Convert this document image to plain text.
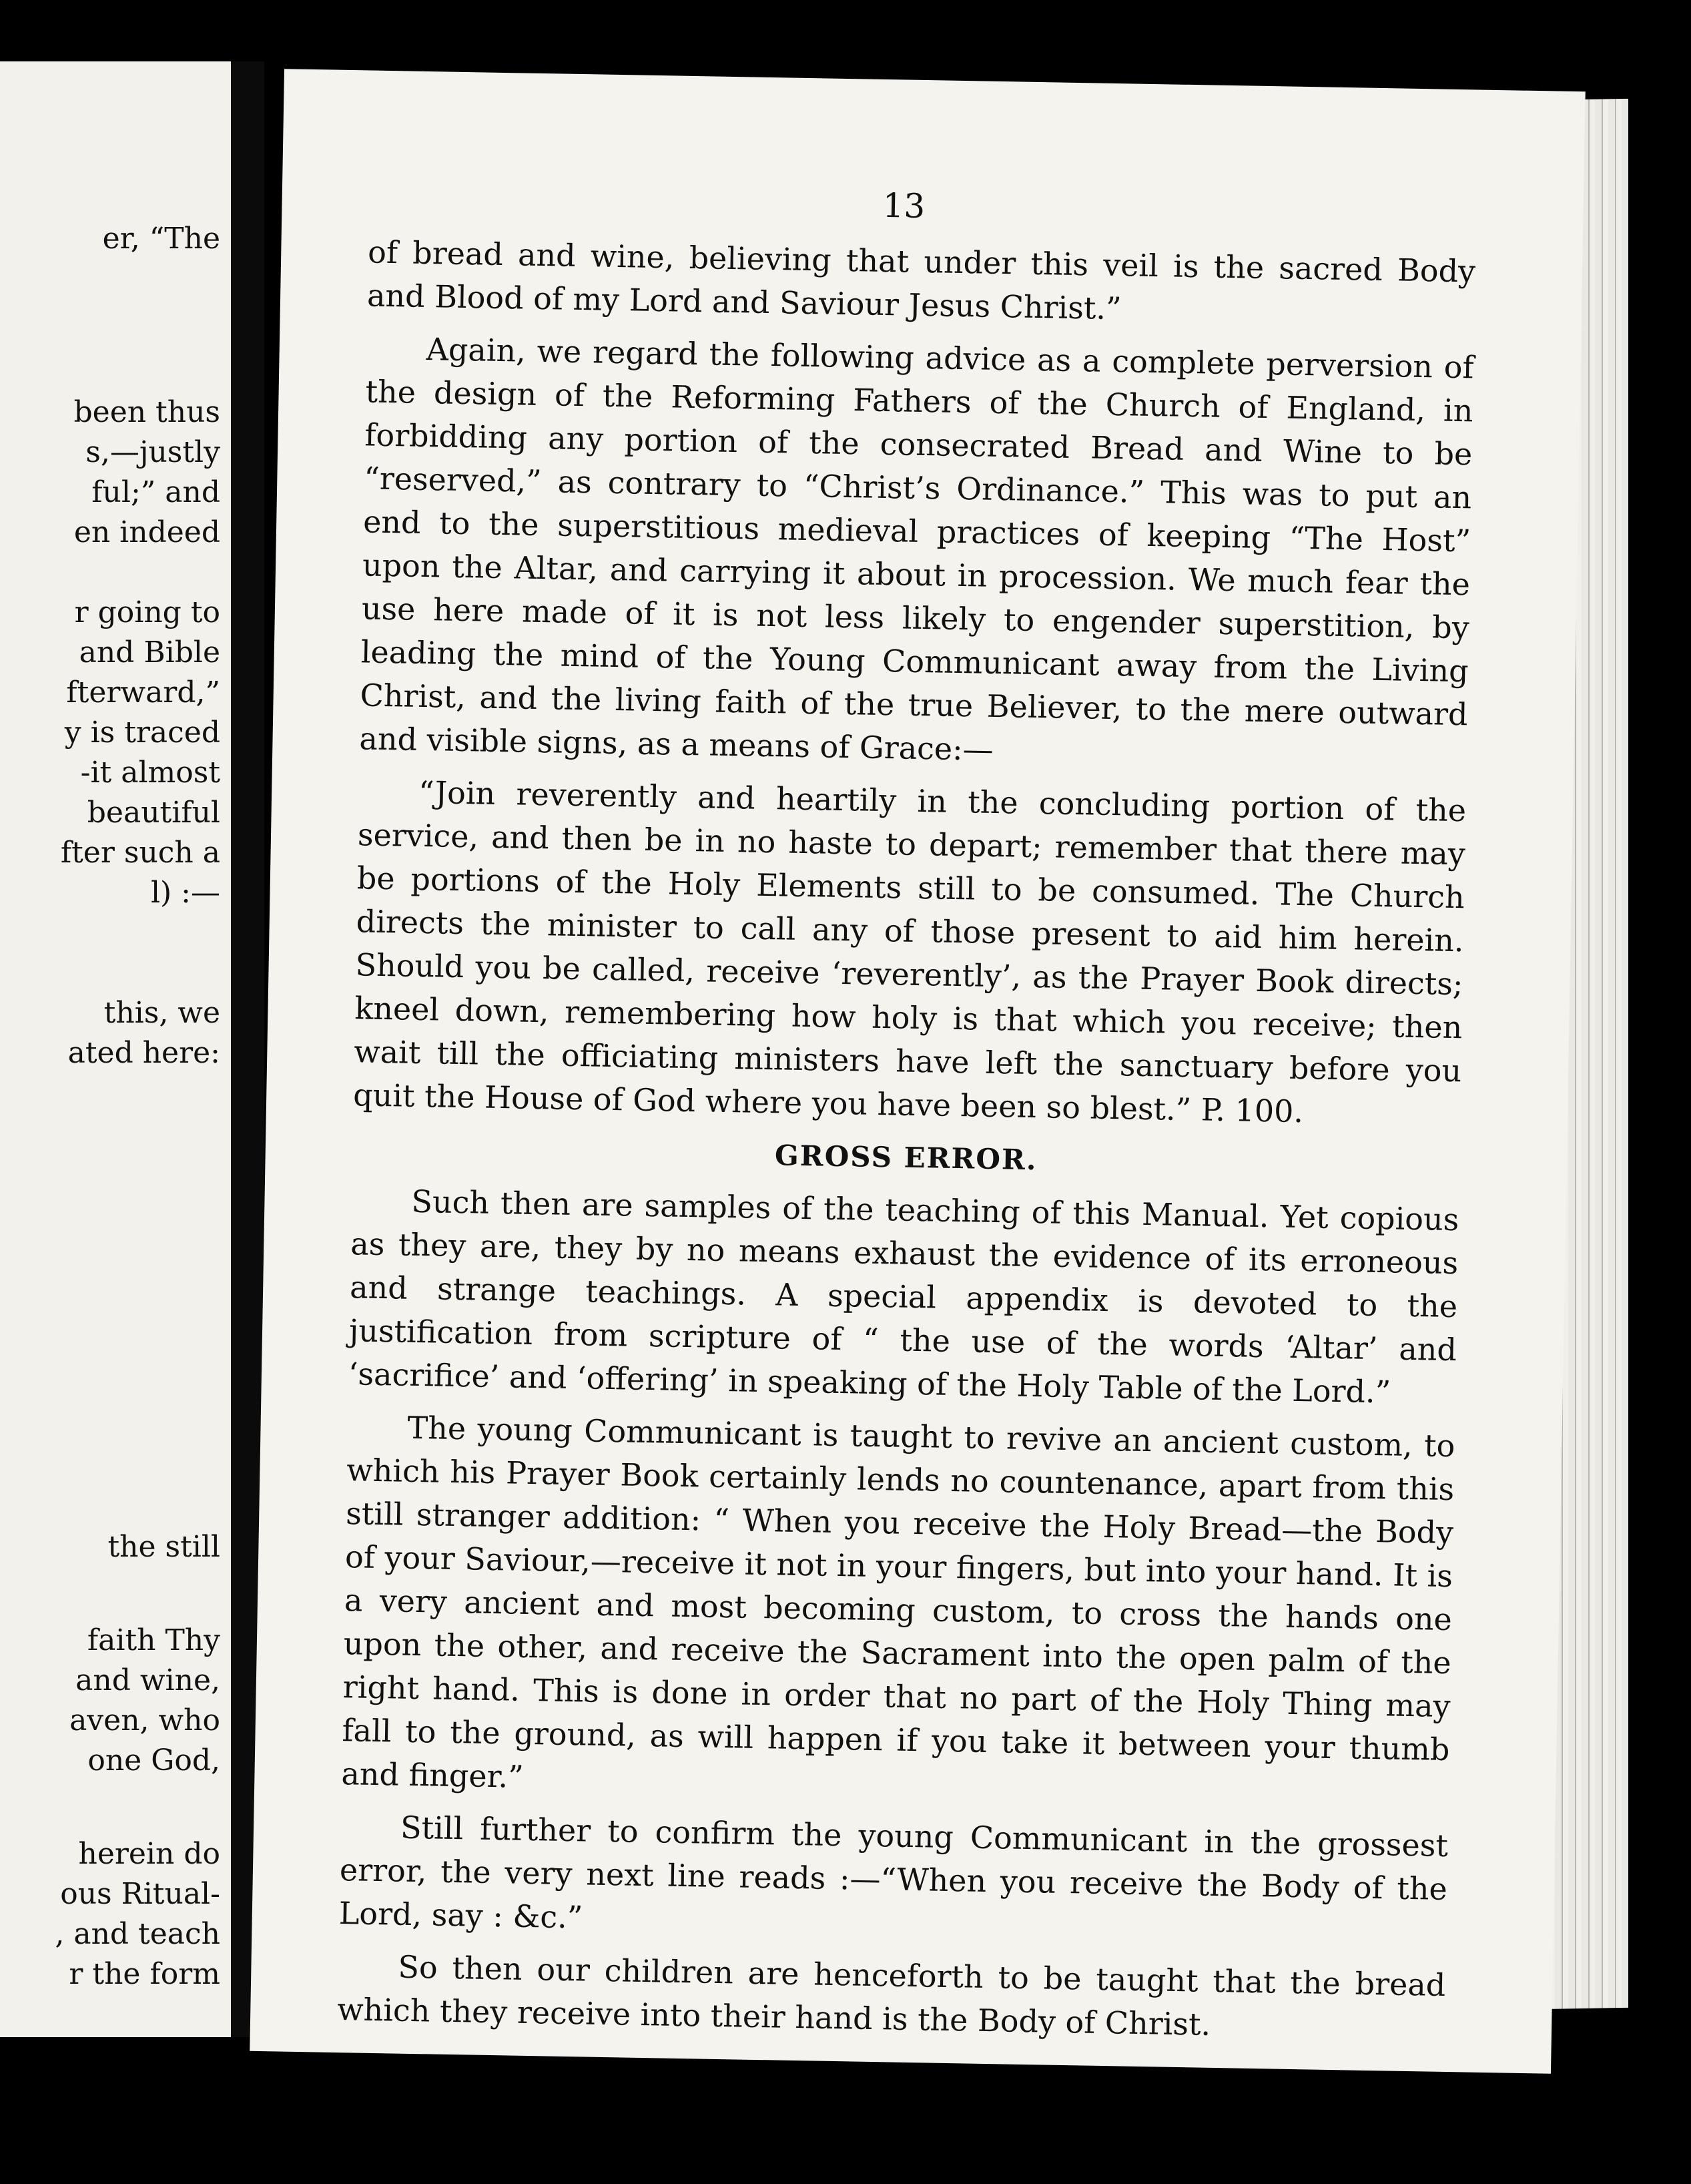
er, “The
been thus
s,—justly
ful;” and
en indeed
r going to
and Bible
fterward,”
y is traced
-it almost
beautiful
fter such a
l) :—
this, we
ated here:
the still
faith Thy
and wine,
aven, who
one God,
herein do
ous Ritual-
, and teach
r the form
13

of bread and wine, believing that under this veil is the sacred Body and Blood of my Lord and Saviour Jesus Christ.”

Again, we regard the following advice as a complete perversion of the design of the Reforming Fathers of the Church of England, in forbidding any portion of the consecrated Bread and Wine to be “reserved,” as contrary to “Christ’s Ordinance.” This was to put an end to the superstitious medieval practices of keeping “The Host” upon the Altar, and carrying it about in procession. We much fear the use here made of it is not less likely to engender superstition, by leading the mind of the Young Communicant away from the Living Christ, and the living faith of the true Believer, to the mere outward and visible signs, as a means of Grace:—

“Join reverently and heartily in the concluding portion of the service, and then be in no haste to depart; remember that there may be portions of the Holy Elements still to be consumed. The Church directs the minister to call any of those present to aid him herein. Should you be called, receive ‘reverently’, as the Prayer Book directs; kneel down, remembering how holy is that which you receive; then wait till the officiating ministers have left the sanctuary before you quit the House of God where you have been so blest.” P. 100.

GROSS ERROR.

Such then are samples of the teaching of this Manual. Yet copious as they are, they by no means exhaust the evidence of its erroneous and strange teachings. A special appendix is devoted to the justification from scripture of “ the use of the words ‘Altar’ and ‘sacrifice’ and ‘offering’ in speaking of the Holy Table of the Lord.”

The young Communicant is taught to revive an ancient custom, to which his Prayer Book certainly lends no countenance, apart from this still stranger addition: “ When you receive the Holy Bread—the Body of your Saviour,—receive it not in your fingers, but into your hand. It is a very ancient and most becoming custom, to cross the hands one upon the other, and receive the Sacrament into the open palm of the right hand. This is done in order that no part of the Holy Thing may fall to the ground, as will happen if you take it between your thumb and finger.”

Still further to confirm the young Communicant in the grossest error, the very next line reads :—“When you receive the Body of the Lord, say : &c.”

So then our children are henceforth to be taught that the bread which they receive into their hand is the Body of Christ.
